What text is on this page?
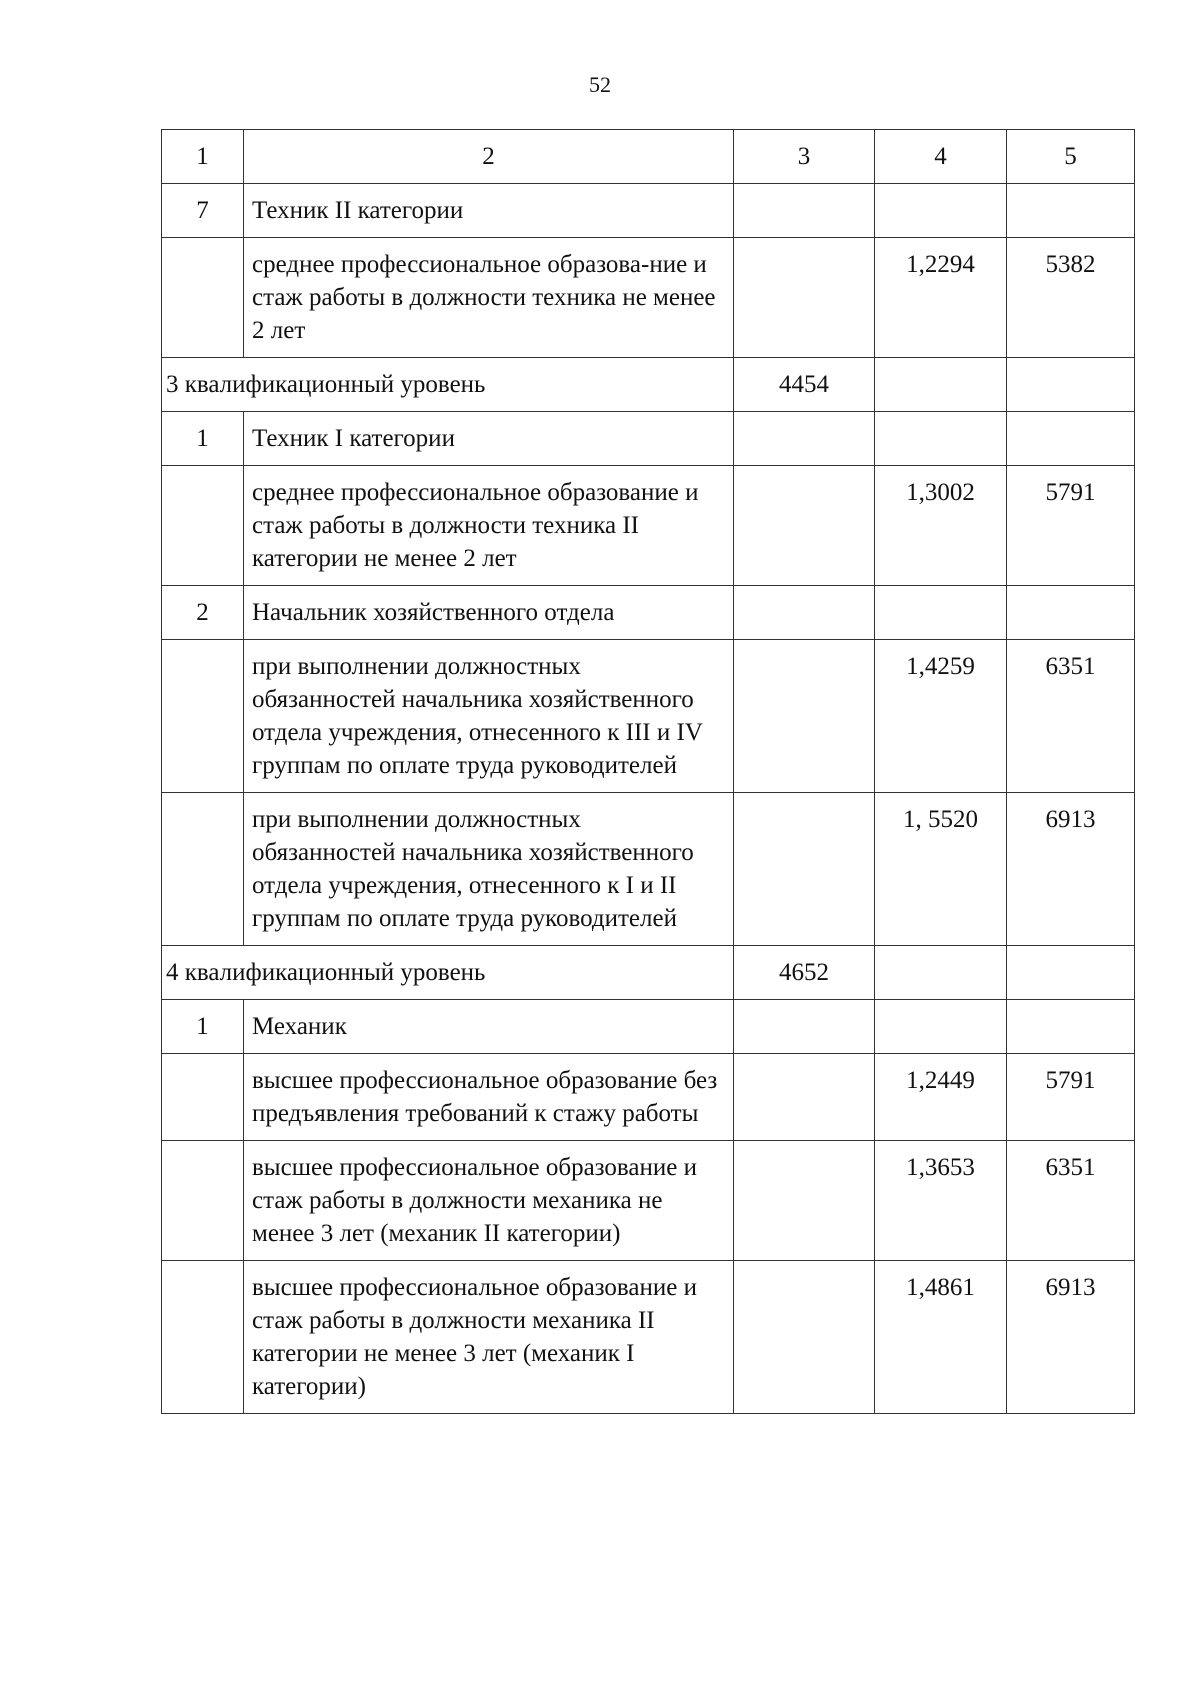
52
1	2	3	4	5
7	Техник II категории			
	среднее профессиональное образова-ние и стаж работы в должности техника не менее 2 лет		1,2294	5382
3 квалификационный уровень		4454		
1	Техник I категории			
	среднее профессиональное образование и стаж работы в должности техника II категории не менее 2 лет		1,3002	5791
2	Начальник хозяйственного отдела			
	при выполнении должностных обязанностей начальника хозяйственного отдела учреждения, отнесенного к III и IV группам по оплате труда руководителей		1,4259	6351
	при выполнении должностных обязанностей начальника хозяйственного отдела учреждения, отнесенного к I и II группам по оплате труда руководителей		1, 5520	6913
4 квалификационный уровень		4652		
1	Механик			
	высшее профессиональное образование без предъявления требований к стажу работы		1,2449	5791
	высшее профессиональное образование и стаж работы в должности механика не менее 3 лет (механик II категории)		1,3653	6351
	высшее профессиональное образование и стаж работы в должности механика II категории не менее 3 лет (механик I категории)		1,4861	6913
